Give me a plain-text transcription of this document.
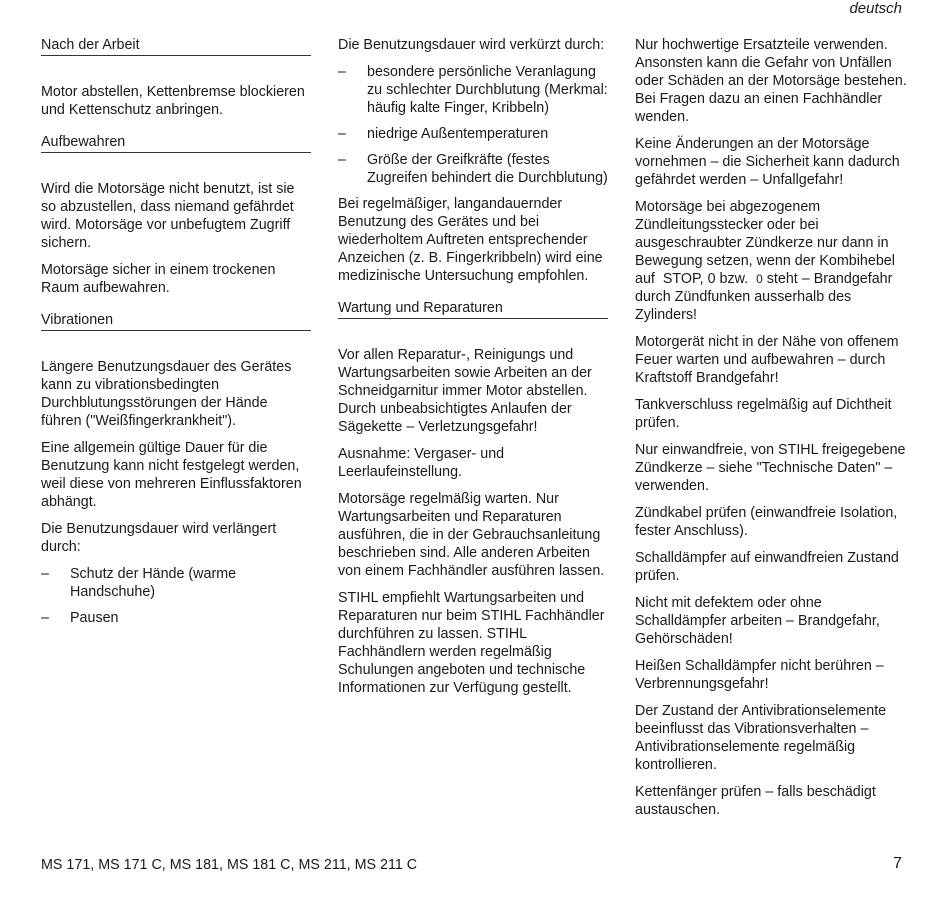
deutsch
Nach der Arbeit

Motor abstellen, Kettenbremse blockieren und Kettenschutz anbringen.

Aufbewahren

Wird die Motorsäge nicht benutzt, ist sie so abzustellen, dass niemand gefährdet wird. Motorsäge vor unbefugtem Zugriff sichern.

Motorsäge sicher in einem trockenen Raum aufbewahren.

Vibrationen

Längere Benutzungsdauer des Gerätes kann zu vibrationsbedingten Durchblutungsstörungen der Hände führen ("Weißfingerkrankheit").

Eine allgemein gültige Dauer für die Benutzung kann nicht festgelegt werden, weil diese von mehreren Einflussfaktoren abhängt.

Die Benutzungsdauer wird verlängert durch:

–	Schutz der Hände (warme Handschuhe)
–	Pausen

Die Benutzungsdauer wird verkürzt durch:

–	besondere persönliche Veranlagung zu schlechter Durchblutung (Merkmal: häufig kalte Finger, Kribbeln)
–	niedrige Außentemperaturen
–	Größe der Greifkräfte (festes Zugreifen behindert die Durchblutung)

Bei regelmäßiger, langandauernder Benutzung des Gerätes und bei wiederholtem Auftreten entsprechender Anzeichen (z. B. Fingerkribbeln) wird eine medizinische Untersuchung empfohlen.

Wartung und Reparaturen

Vor allen Reparatur-, Reinigungs und Wartungsarbeiten sowie Arbeiten an der Schneidgarnitur immer Motor abstellen. Durch unbeabsichtigtes Anlaufen der Sägekette – Verletzungsgefahr!

Ausnahme: Vergaser- und Leerlaufeinstellung.

Motorsäge regelmäßig warten. Nur Wartungsarbeiten und Reparaturen ausführen, die in der Gebrauchsanleitung beschrieben sind. Alle anderen Arbeiten von einem Fachhändler ausführen lassen.

STIHL empfiehlt Wartungsarbeiten und Reparaturen nur beim STIHL Fachhändler durchführen zu lassen. STIHL Fachhändlern werden regelmäßig Schulungen angeboten und technische Informationen zur Verfügung gestellt.

Nur hochwertige Ersatzteile verwenden. Ansonsten kann die Gefahr von Unfällen oder Schäden an der Motorsäge bestehen. Bei Fragen dazu an einen Fachhändler wenden.

Keine Änderungen an der Motorsäge vornehmen – die Sicherheit kann dadurch gefährdet werden – Unfallgefahr!

Motorsäge bei abgezogenem Zündleitungsstecker oder bei ausgeschraubter Zündkerze nur dann in Bewegung setzen, wenn der Kombihebel auf STOP, 0 bzw. 0 steht – Brandgefahr durch Zündfunken ausserhalb des Zylinders!

Motorgerät nicht in der Nähe von offenem Feuer warten und aufbewahren – durch Kraftstoff Brandgefahr!

Tankverschluss regelmäßig auf Dichtheit prüfen.

Nur einwandfreie, von STIHL freigegebene Zündkerze – siehe "Technische Daten" – verwenden.

Zündkabel prüfen (einwandfreie Isolation, fester Anschluss).

Schalldämpfer auf einwandfreien Zustand prüfen.

Nicht mit defektem oder ohne Schalldämpfer arbeiten – Brandgefahr, Gehörschäden!

Heißen Schalldämpfer nicht berühren – Verbrennungsgefahr!

Der Zustand der Antivibrationselemente beeinflusst das Vibrationsverhalten – Antivibrationselemente regelmäßig kontrollieren.

Kettenfänger prüfen – falls beschädigt austauschen.

MS 171, MS 171 C, MS 181, MS 181 C, MS 211, MS 211 C	7
